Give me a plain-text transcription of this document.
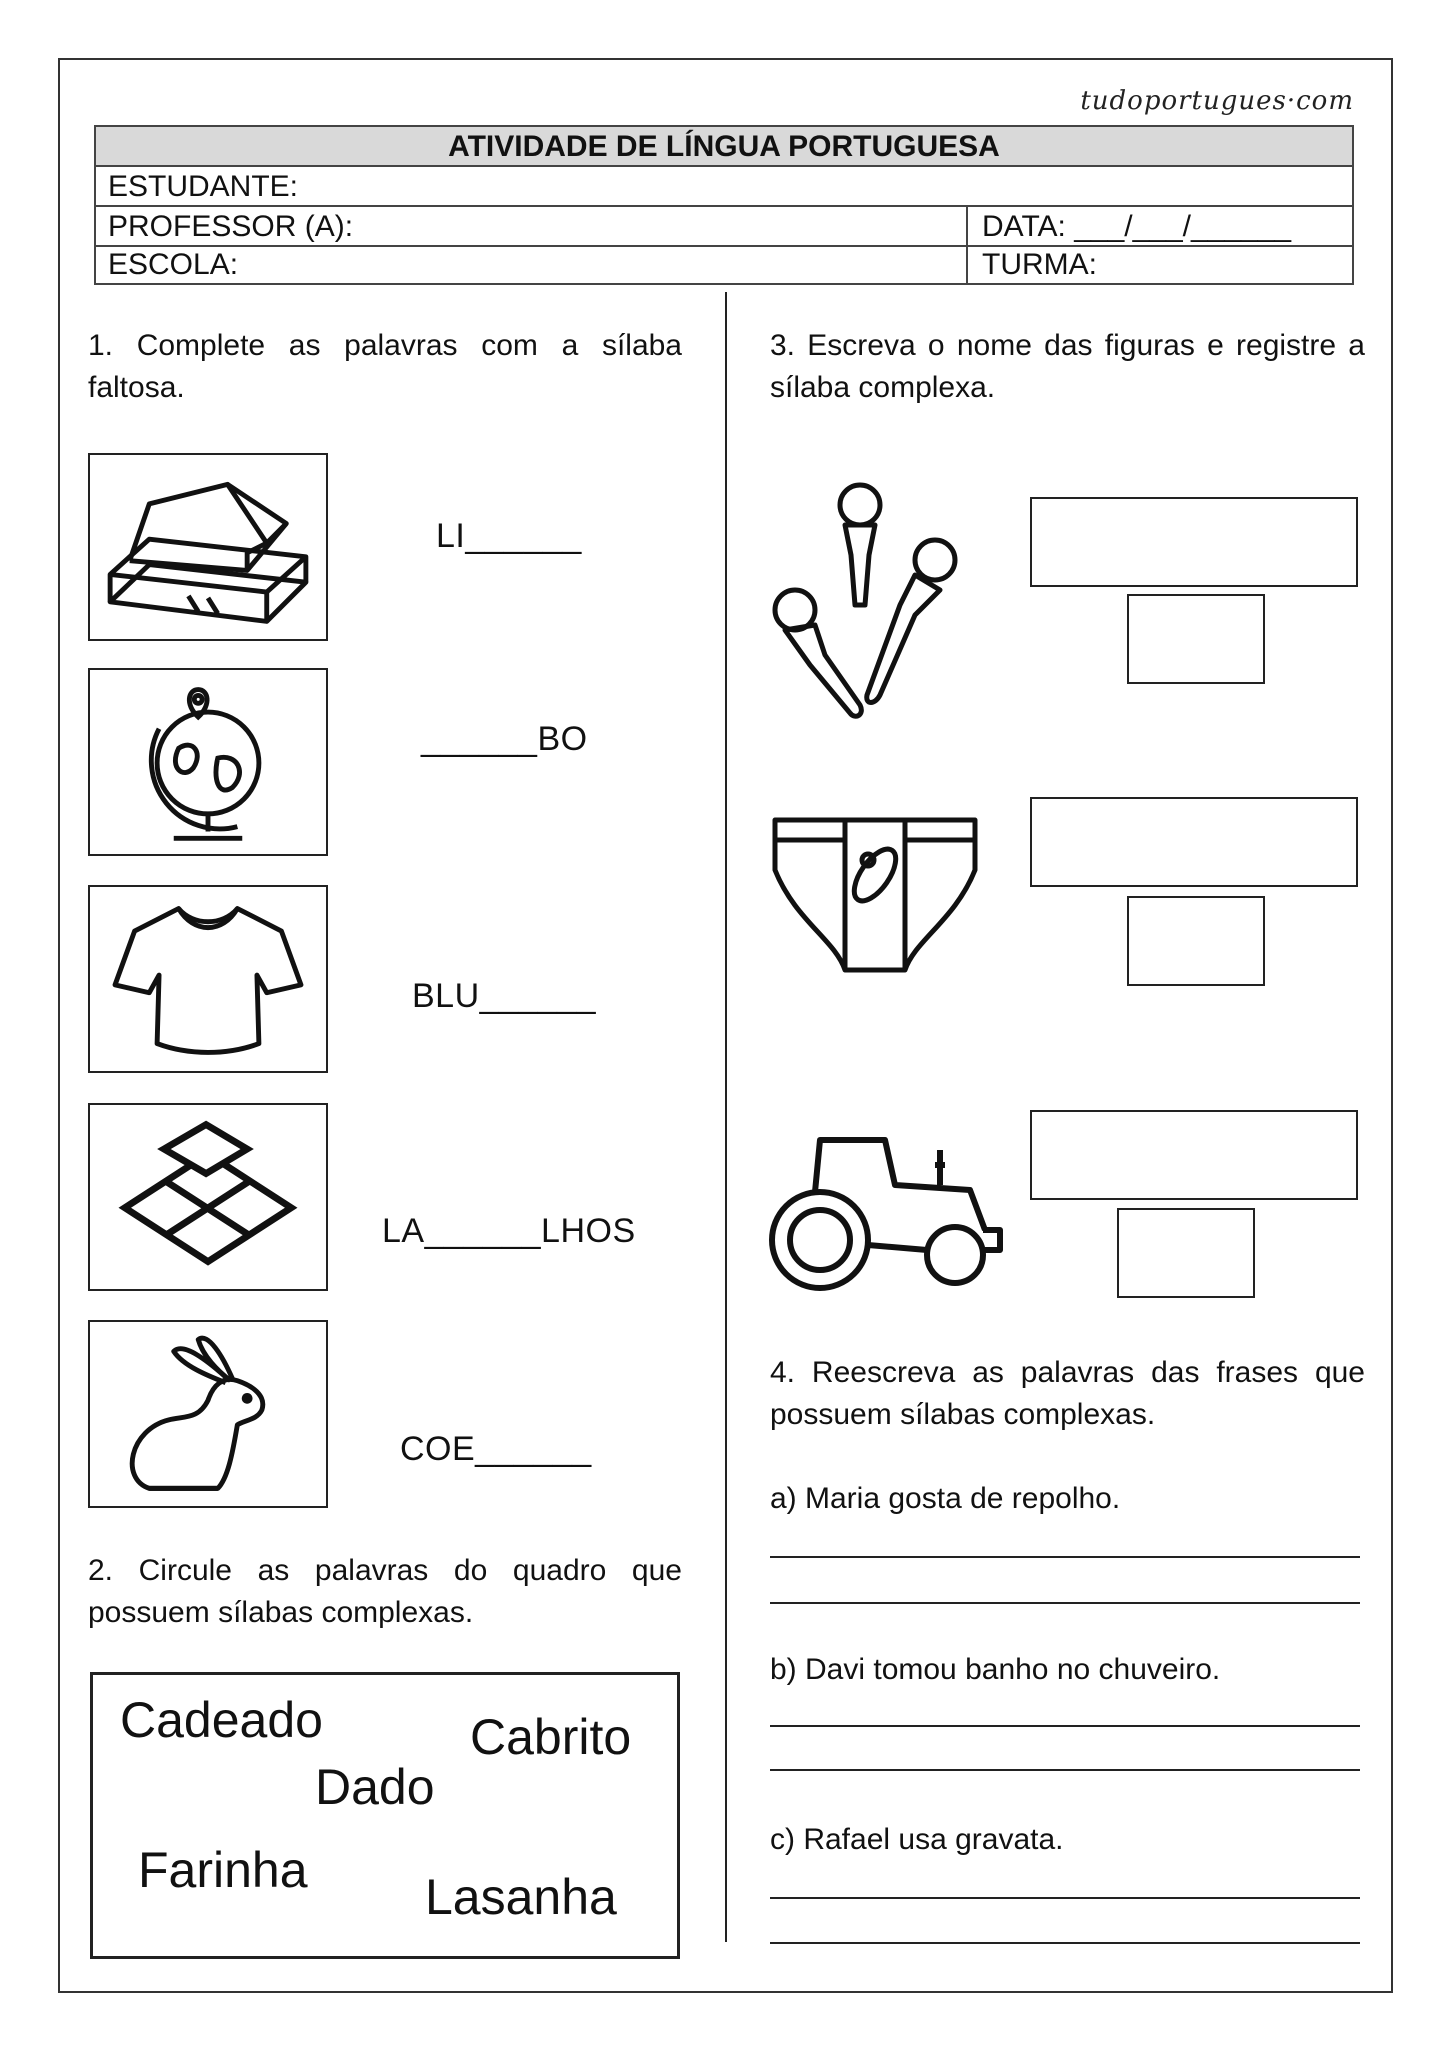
tudoportugues·com
ATIVIDADE DE LÍNGUA PORTUGUESA
ESTUDANTE:
PROFESSOR (A):	DATA: ___/___/______
ESCOLA:	TURMA:
1. Complete as palavras com a sílaba faltosa.
LI______
______BO
BLU______
LA______LHOS
COE______
2. Circule as palavras do quadro que possuem sílabas complexas.
Cadeado	Cabrito
Dado
Farinha Lasanha
3. Escreva o nome das figuras e registre a sílaba complexa.
4. Reescreva as palavras das frases que possuem sílabas complexas.
a) Maria gosta de repolho.
b) Davi tomou banho no chuveiro.
c) Rafael usa gravata.
